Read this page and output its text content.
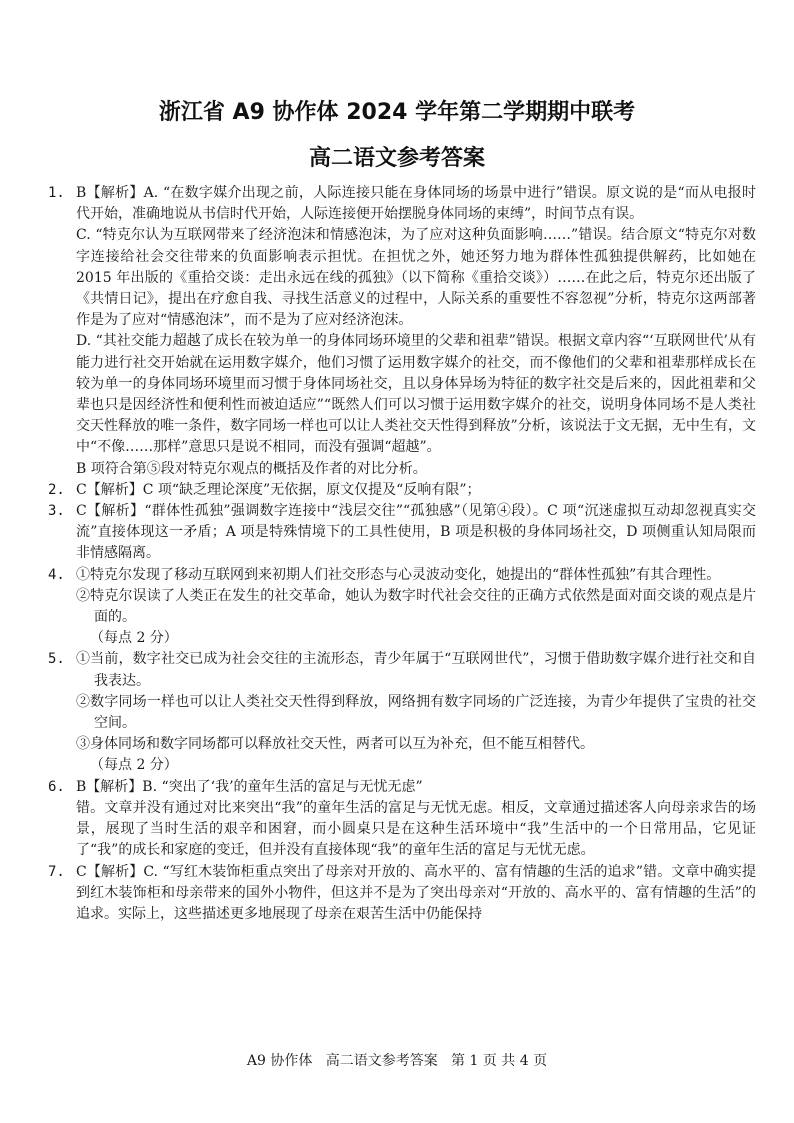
浙江省 A9 协作体 2024 学年第二学期期中联考
高二语文参考答案
1. B【解析】A. “在数字媒介出现之前，人际连接只能在身体同场的场景中进行”错误。原文说的是“而从电报时代开始，准确地说从书信时代开始，人际连接便开始摆脱身体同场的束缚”，时间节点有误。

C. “特克尔认为互联网带来了经济泡沫和情感泡沫，为了应对这种负面影响……”错误。结合原文“特克尔对数字连接给社会交往带来的负面影响表示担忧。在担忧之外，她还努力地为群体性孤独提供解药，比如她在 2015 年出版的《重拾交谈：走出永远在线的孤独》（以下简称《重拾交谈》）……在此之后，特克尔还出版了《共情日记》，提出在疗愈自我、寻找生活意义的过程中，人际关系的重要性不容忽视”分析，特克尔这两部著作是为了应对“情感泡沫”，而不是为了应对经济泡沫。

D. “其社交能力超越了成长在较为单一的身体同场环境里的父辈和祖辈”错误。根据文章内容“‘互联网世代’从有能力进行社交开始就在运用数字媒介，他们习惯了运用数字媒介的社交，而不像他们的父辈和祖辈那样成长在较为单一的身体同场环境里而习惯于身体同场社交，且以身体异场为特征的数字社交是后来的，因此祖辈和父辈也只是因经济性和便利性而被迫适应”“既然人们可以习惯于运用数字媒介的社交，说明身体同场不是人类社交天性释放的唯一条件，数字同场一样也可以让人类社交天性得到释放”分析，该说法于文无据，无中生有，文中“不像……那样”意思只是说不相同，而没有强调“超越”。

B 项符合第⑤段对特克尔观点的概括及作者的对比分析。

2. C【解析】C 项“缺乏理论深度”无依据，原文仅提及“反响有限”；

3. C【解析】“群体性孤独”强调数字连接中“浅层交往”“孤独感”（见第④段）。C 项“沉迷虚拟互动却忽视真实交流”直接体现这一矛盾；A 项是特殊情境下的工具性使用，B 项是积极的身体同场社交，D 项侧重认知局限而非情感隔离。

4. ①特克尔发现了移动互联网到来初期人们社交形态与心灵波动变化，她提出的“群体性孤独”有其合理性。

②特克尔误读了人类正在发生的社交革命，她认为数字时代社会交往的正确方式依然是面对面交谈的观点是片面的。

（每点 2 分）

5. ①当前，数字社交已成为社会交往的主流形态，青少年属于“互联网世代”，习惯于借助数字媒介进行社交和自我表达。

②数字同场一样也可以让人类社交天性得到释放，网络拥有数字同场的广泛连接，为青少年提供了宝贵的社交空间。

③身体同场和数字同场都可以释放社交天性，两者可以互为补充，但不能互相替代。

（每点 2 分）

6. B【解析】B. “突出了‘我’的童年生活的富足与无忧无虑”

错。文章并没有通过对比来突出“我”的童年生活的富足与无忧无虑。相反，文章通过描述客人向母亲求告的场景，展现了当时生活的艰辛和困窘，而小圆桌只是在这种生活环境中“我”生活中的一个日常用品，它见证了“我”的成长和家庭的变迁，但并没有直接体现“我”的童年生活的富足与无忧无虑。

7. C【解析】C. “写红木装饰柜重点突出了母亲对开放的、高水平的、富有情趣的生活的追求”错。文章中确实提到红木装饰柜和母亲带来的国外小物件，但这并不是为了突出母亲对“开放的、高水平的、富有情趣的生活”的追求。实际上，这些描述更多地展现了母亲在艰苦生活中仍能保持

A9 协作体   高二语文参考答案   第 1 页 共 4 页
